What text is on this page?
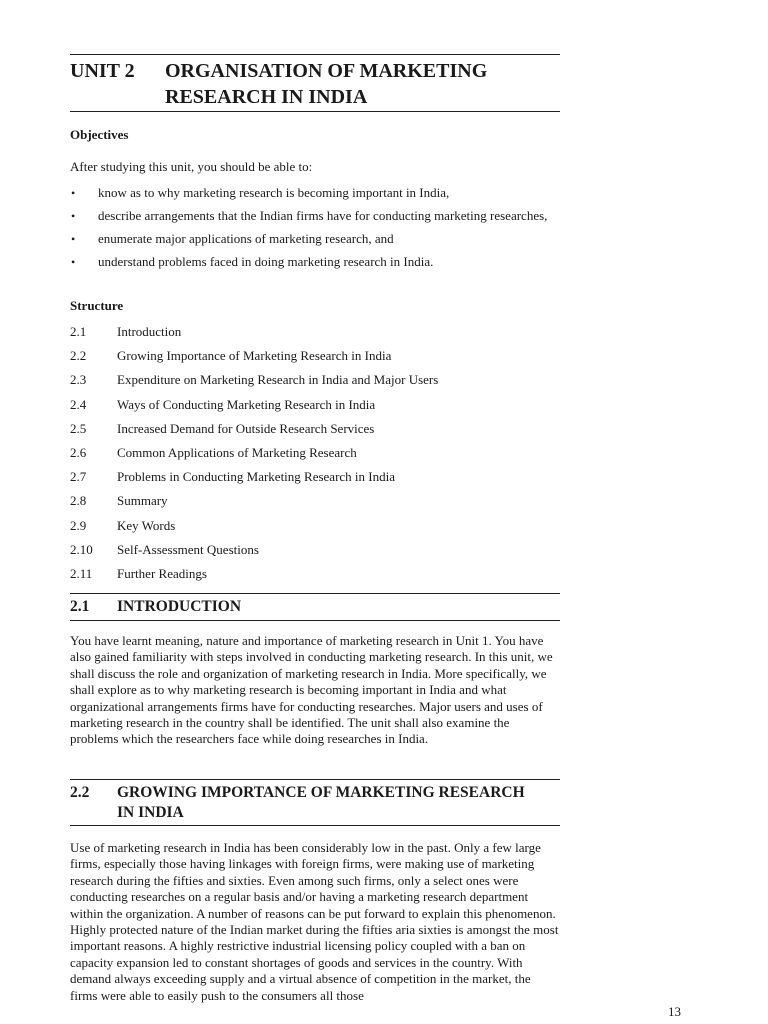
UNIT 2 ORGANISATION OF MARKETING
RESEARCH IN INDIA
Objectives
After studying this unit, you should be able to:
• know as to why marketing research is becoming important in India,
• describe arrangements that the Indian firms have for conducting marketing researches,
• enumerate major applications of marketing research, and
• understand problems faced in doing marketing research in India.
Structure
2.1 Introduction
2.2 Growing Importance of Marketing Research in India
2.3 Expenditure on Marketing Research in India and Major Users
2.4 Ways of Conducting Marketing Research in India
2.5 Increased Demand for Outside Research Services
2.6 Common Applications of Marketing Research
2.7 Problems in Conducting Marketing Research in India
2.8 Summary
2.9 Key Words
2.10 Self-Assessment Questions
2.11 Further Readings
2.1 INTRODUCTION
You have learnt meaning, nature and importance of marketing research in Unit 1. You have also gained familiarity with steps involved in conducting marketing research. In this unit, we shall discuss the role and organization of marketing research in India. More specifically, we shall explore as to why marketing research is becoming important in India and what organizational arrangements firms have for conducting researches. Major users and uses of marketing research in the country shall be identified. The unit shall also examine the problems which the researchers face while doing researches in India.
2.2 GROWING IMPORTANCE OF MARKETING RESEARCH IN INDIA
Use of marketing research in India has been considerably low in the past. Only a few large firms, especially those having linkages with foreign firms, were making use of marketing research during the fifties and sixties. Even among such firms, only a select ones were conducting researches on a regular basis and/or having a marketing research department within the organization. A number of reasons can be put forward to explain this phenomenon. Highly protected nature of the Indian market during the fifties aria sixties is amongst the most important reasons. A highly restrictive industrial licensing policy coupled with a ban on capacity expansion led to constant shortages of goods and services in the country. With demand always exceeding supply and a virtual absence of competition in the market, the firms were able to easily push to the consumers all those
13
